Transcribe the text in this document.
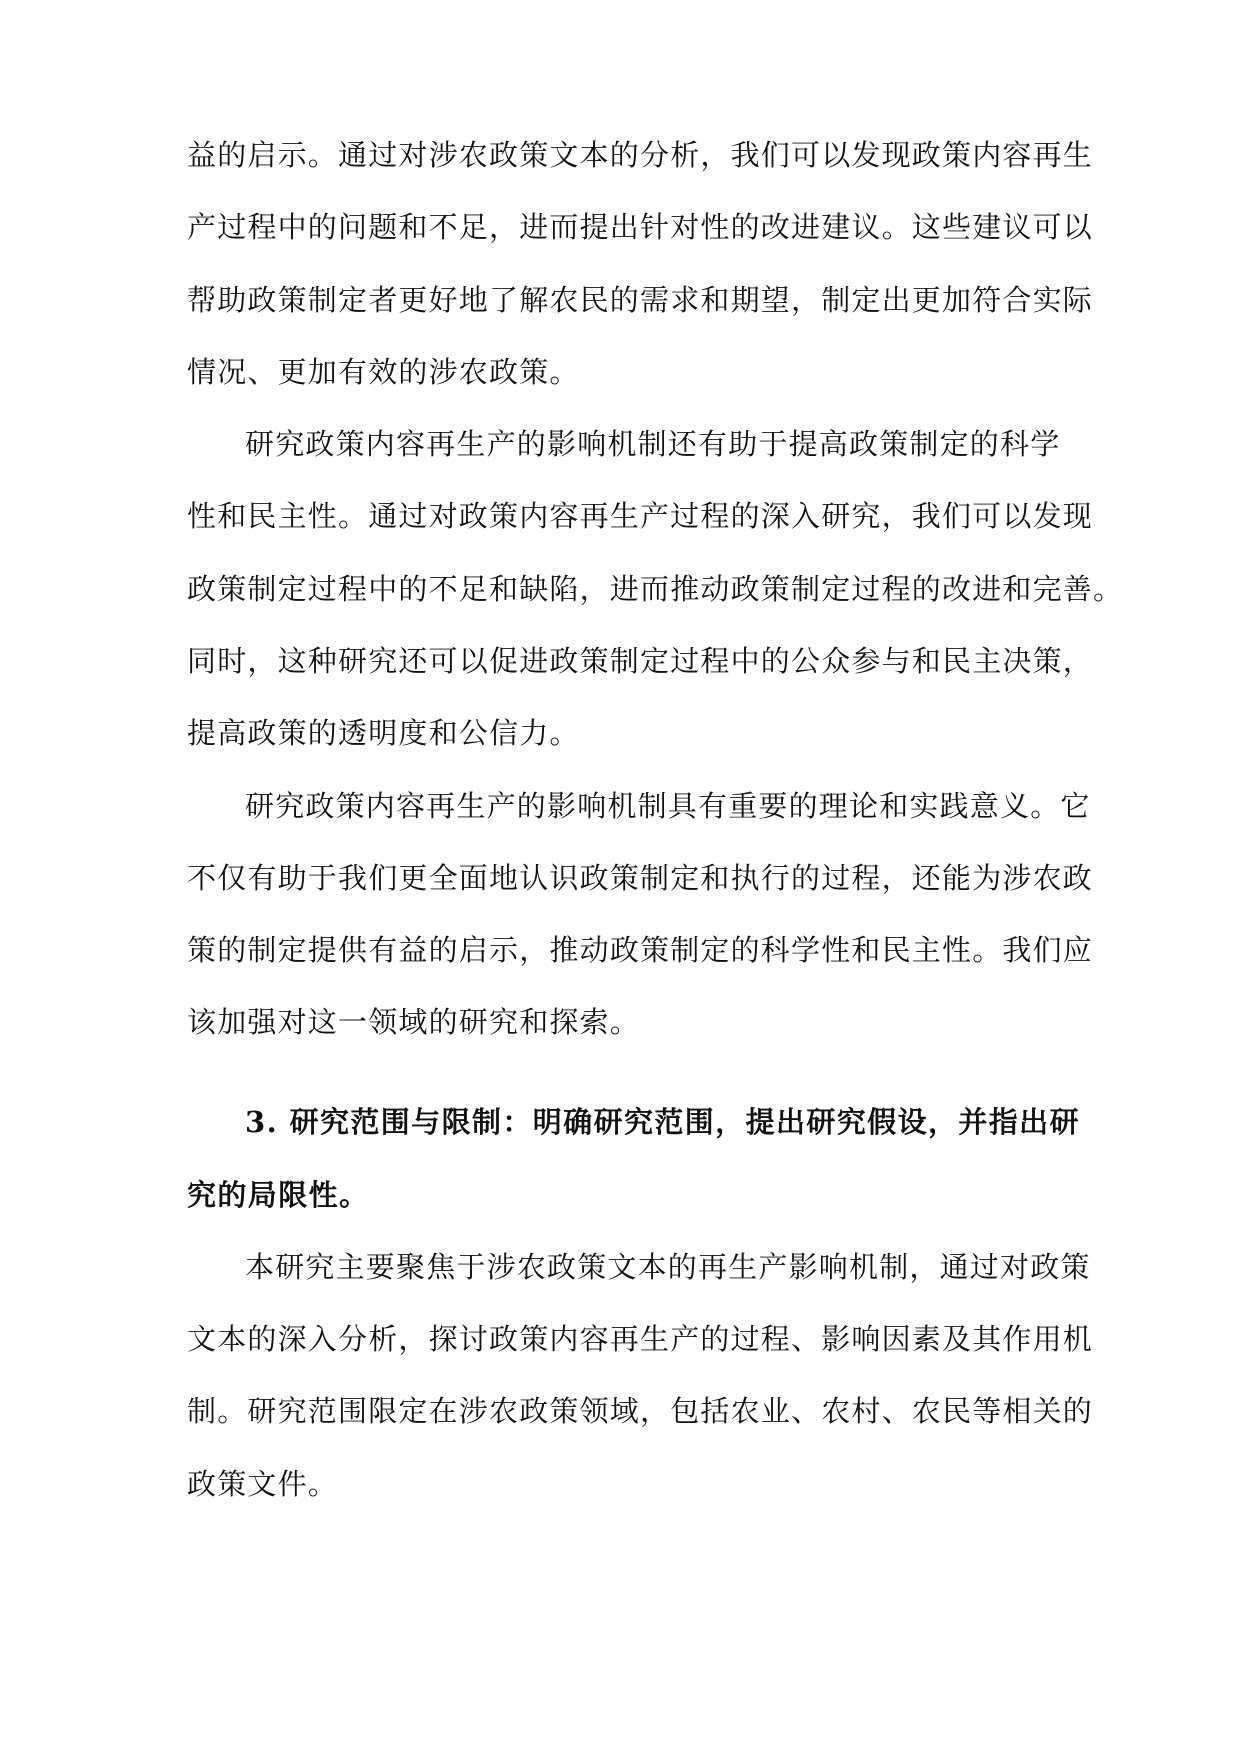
益的启示。通过对涉农政策文本的分析，我们可以发现政策内容再生
产过程中的问题和不足，进而提出针对性的改进建议。这些建议可以
帮助政策制定者更好地了解农民的需求和期望，制定出更加符合实际
情况、更加有效的涉农政策。
研究政策内容再生产的影响机制还有助于提高政策制定的科学
性和民主性。通过对政策内容再生产过程的深入研究，我们可以发现
政策制定过程中的不足和缺陷，进而推动政策制定过程的改进和完善。
同时，这种研究还可以促进政策制定过程中的公众参与和民主决策，
提高政策的透明度和公信力。
研究政策内容再生产的影响机制具有重要的理论和实践意义。它
不仅有助于我们更全面地认识政策制定和执行的过程，还能为涉农政
策的制定提供有益的启示，推动政策制定的科学性和民主性。我们应
该加强对这一领域的研究和探索。
3. 研究范围与限制：明确研究范围，提出研究假设，并指出研
究的局限性。
本研究主要聚焦于涉农政策文本的再生产影响机制，通过对政策
文本的深入分析，探讨政策内容再生产的过程、影响因素及其作用机
制。研究范围限定在涉农政策领域，包括农业、农村、农民等相关的
政策文件。
